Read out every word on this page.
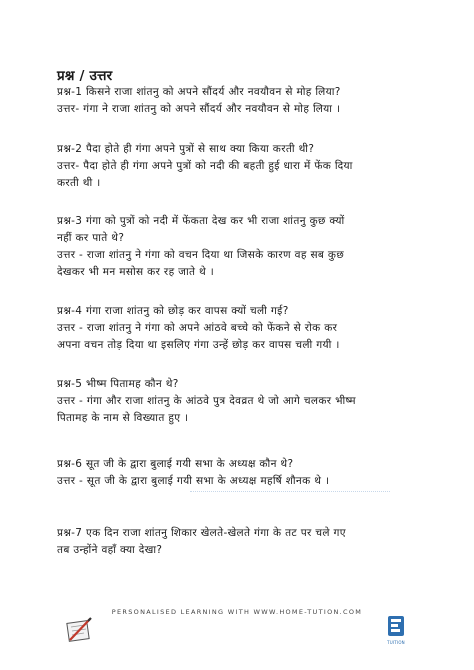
प्रश्न / उत्तर
प्रश्न-1 किसने राजा शांतनु को अपने सौंदर्य और नवयौवन से मोह लिया?
उत्तर- गंगा ने राजा शांतनु को अपने सौंदर्य और नवयौवन से मोह लिया ।
प्रश्न-2 पैदा होते ही गंगा अपने पुत्रों से साथ क्या किया करती थी?
उत्तर- पैदा होते ही गंगा अपने पुत्रों को नदी की बहती हुई धारा में फेंक दिया
करती थी ।
प्रश्न-3 गंगा को पुत्रों को नदी में फेंकता देख कर भी राजा शांतनु कुछ क्यों
नहीं कर पाते थे?
उत्तर - राजा शांतनु ने गंगा को वचन दिया था जिसके कारण वह सब कुछ
देखकर भी मन मसोस कर रह जाते थे ।
प्रश्न-4 गंगा राजा शांतनु को छोड़ कर वापस क्यों चली गई?
उत्तर - राजा शांतनु ने गंगा को अपने आंठवे बच्चे को फेंकने से रोक कर
अपना वचन तोड़ दिया था इसलिए गंगा उन्हें छोड़ कर वापस चली गयी ।
प्रश्न-5 भीष्म पितामह कौन थे?
उत्तर - गंगा और राजा शांतनु के आंठवे पुत्र देवव्रत थे जो आगे चलकर भीष्म
पितामह के नाम से विख्यात हुए ।
प्रश्न-6 सूत जी के द्वारा बुलाई गयी सभा के अध्यक्ष कौन थे?
उत्तर - सूत जी के द्वारा बुलाई गयी सभा के अध्यक्ष महर्षि शौनक थे ।
प्रश्न-7 एक दिन राजा शांतनु शिकार खेलते-खेलते गंगा के तट पर चले गए
तब उन्होंने वहाँ क्या देखा?
PERSONALISED LEARNING WITH WWW.HOME-TUTION.COM
TUITION
